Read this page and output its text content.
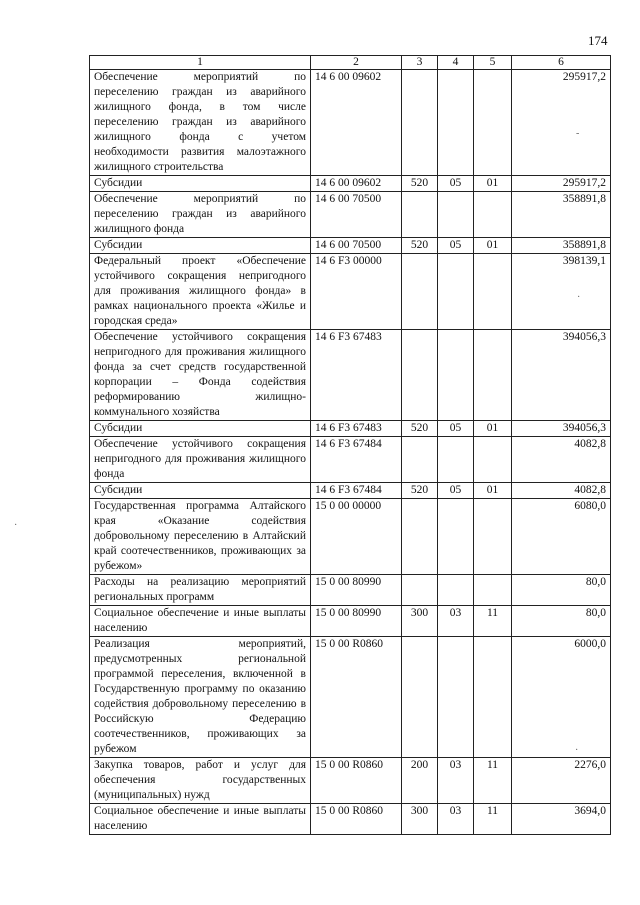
174
1	2	3	4	5	6
Обеспечение мероприятий по переселению граждан из аварийного жилищного фонда, в том числе переселению граждан из аварийного жилищного фонда с учетом необходимости развития малоэтажного жилищного строительства	14 6 00 09602				295917,2
Субсидии	14 6 00 09602	520	05	01	295917,2
Обеспечение мероприятий по переселению граждан из аварийного жилищного фонда	14 6 00 70500				358891,8
Субсидии	14 6 00 70500	520	05	01	358891,8
Федеральный проект «Обеспечение устойчивого сокращения непригодного для проживания жилищного фонда» в рамках национального проекта «Жилье и городская среда»	14 6 F3 00000				398139,1
Обеспечение устойчивого сокращения непригодного для проживания жилищного фонда за счет средств государственной корпорации – Фонда содействия реформированию жилищно-коммунального хозяйства	14 6 F3 67483				394056,3
Субсидии	14 6 F3 67483	520	05	01	394056,3
Обеспечение устойчивого сокращения непригодного для проживания жилищного фонда	14 6 F3 67484				4082,8
Субсидии	14 6 F3 67484	520	05	01	4082,8
Государственная программа Алтайского края «Оказание содействия добровольному переселению в Алтайский край соотечественников, проживающих за рубежом»	15 0 00 00000				6080,0
Расходы на реализацию мероприятий региональных программ	15 0 00 80990				80,0
Социальное обеспечение и иные выплаты населению	15 0 00 80990	300	03	11	80,0
Реализация мероприятий, предусмотренных региональной программой переселения, включенной в Государственную программу по оказанию содействия добровольному переселению в Российскую Федерацию соотечественников, проживающих за рубежом	15 0 00 R0860				6000,0
Закупка товаров, работ и услуг для обеспечения государственных (муниципальных) нужд	15 0 00 R0860	200	03	11	2276,0
Социальное обеспечение и иные выплаты населению	15 0 00 R0860	300	03	11	3694,0
-
·
·
·
